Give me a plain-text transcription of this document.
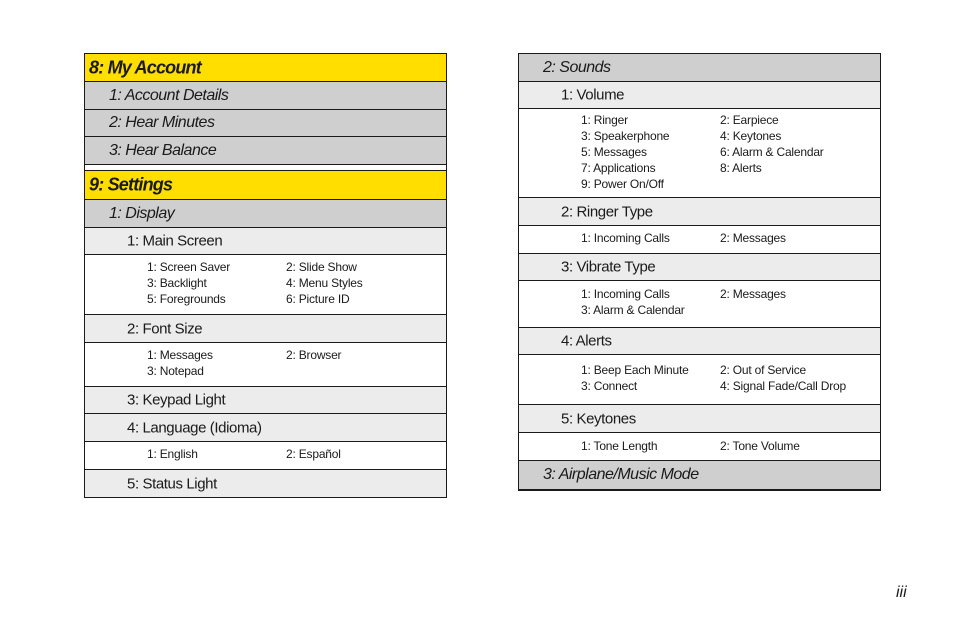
8: My Account
1: Account Details
2: Hear Minutes
3: Hear Balance
9: Settings
1: Display
1: Main Screen
1: Screen Saver	2: Slide Show
3: Backlight	4: Menu Styles
5: Foregrounds	6: Picture ID
2: Font Size
1: Messages	2: Browser
3: Notepad
3: Keypad Light
4: Language (Idioma)
1: English	2: Español
5: Status Light
2: Sounds
1: Volume
1: Ringer	2: Earpiece
3: Speakerphone	4: Keytones
5: Messages	6: Alarm & Calendar
7: Applications	8: Alerts
9: Power On/Off
2: Ringer Type
1: Incoming Calls	2: Messages
3: Vibrate Type
1: Incoming Calls	2: Messages
3: Alarm & Calendar
4: Alerts
1: Beep Each Minute	2: Out of Service
3: Connect	4: Signal Fade/Call Drop
5: Keytones
1: Tone Length	2: Tone Volume
3: Airplane/Music Mode
iii
